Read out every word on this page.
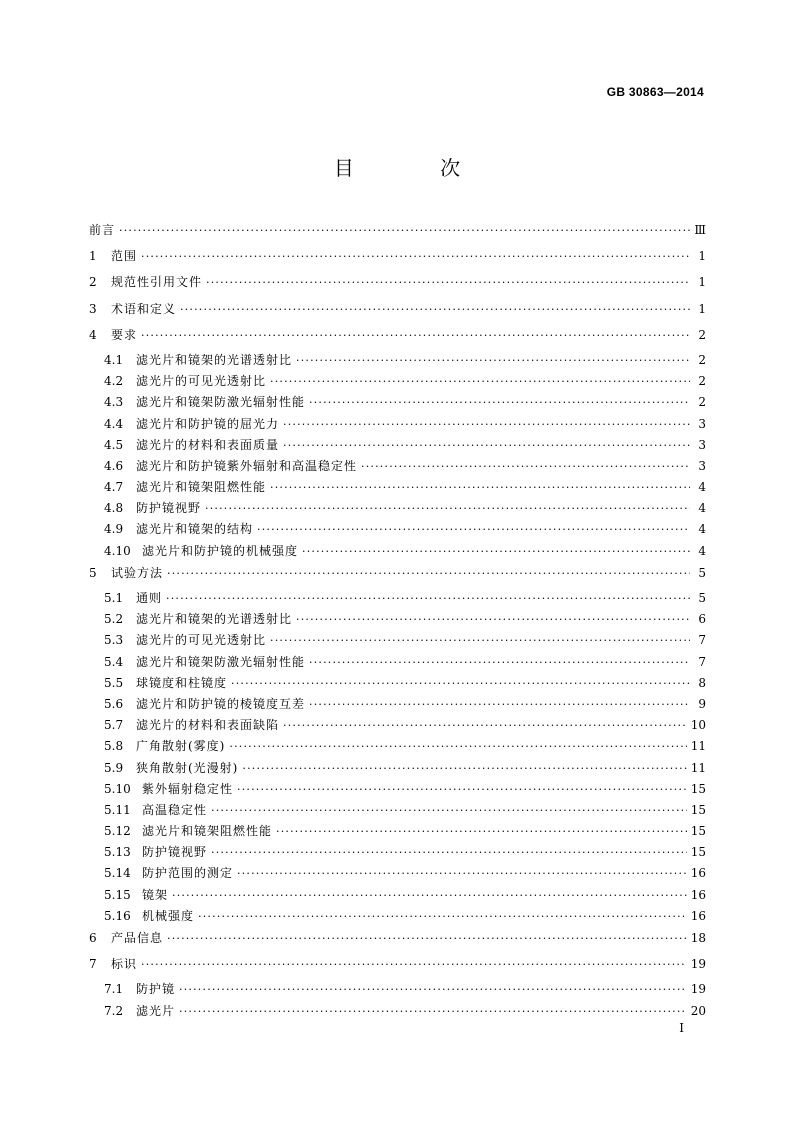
GB 30863—2014
目 次
前言 ·····	Ⅲ
1	范围 ·····	1
2	规范性引用文件 ·····	1
3	术语和定义 ·····	1
4	要求 ·····	2
4.1	滤光片和镜架的光谱透射比 ·····	2
4.2	滤光片的可见光透射比 ·····	2
4.3	滤光片和镜架防激光辐射性能 ·····	2
4.4	滤光片和防护镜的屈光力 ·····	3
4.5	滤光片的材料和表面质量 ·····	3
4.6	滤光片和防护镜紫外辐射和高温稳定性 ·····	3
4.7	滤光片和镜架阻燃性能 ·····	4
4.8	防护镜视野 ·····	4
4.9	滤光片和镜架的结构 ·····	4
4.10 滤光片和防护镜的机械强度 ·····	4
5	试验方法 ·····	5
5.1	通则 ·····	5
5.2	滤光片和镜架的光谱透射比 ·····	6
5.3	滤光片的可见光透射比 ·····	7
5.4	滤光片和镜架防激光辐射性能 ·····	7
5.5	球镜度和柱镜度 ·····	8
5.6	滤光片和防护镜的棱镜度互差 ·····	9
5.7	滤光片的材料和表面缺陷 ·····	10
5.8	广角散射(雾度) ·····	11
5.9	狭角散射(光漫射) ·····	11
5.10 紫外辐射稳定性 ·····	15
5.11 高温稳定性 ·····	15
5.12 滤光片和镜架阻燃性能 ·····	15
5.13 防护镜视野 ·····	15
5.14 防护范围的测定 ·····	16
5.15 镜架 ·····	16
5.16 机械强度 ·····	16
6	产品信息 ·····	18
7	标识 ·····	19
7.1	防护镜 ·····	19
7.2	滤光片 ·····	20
I
